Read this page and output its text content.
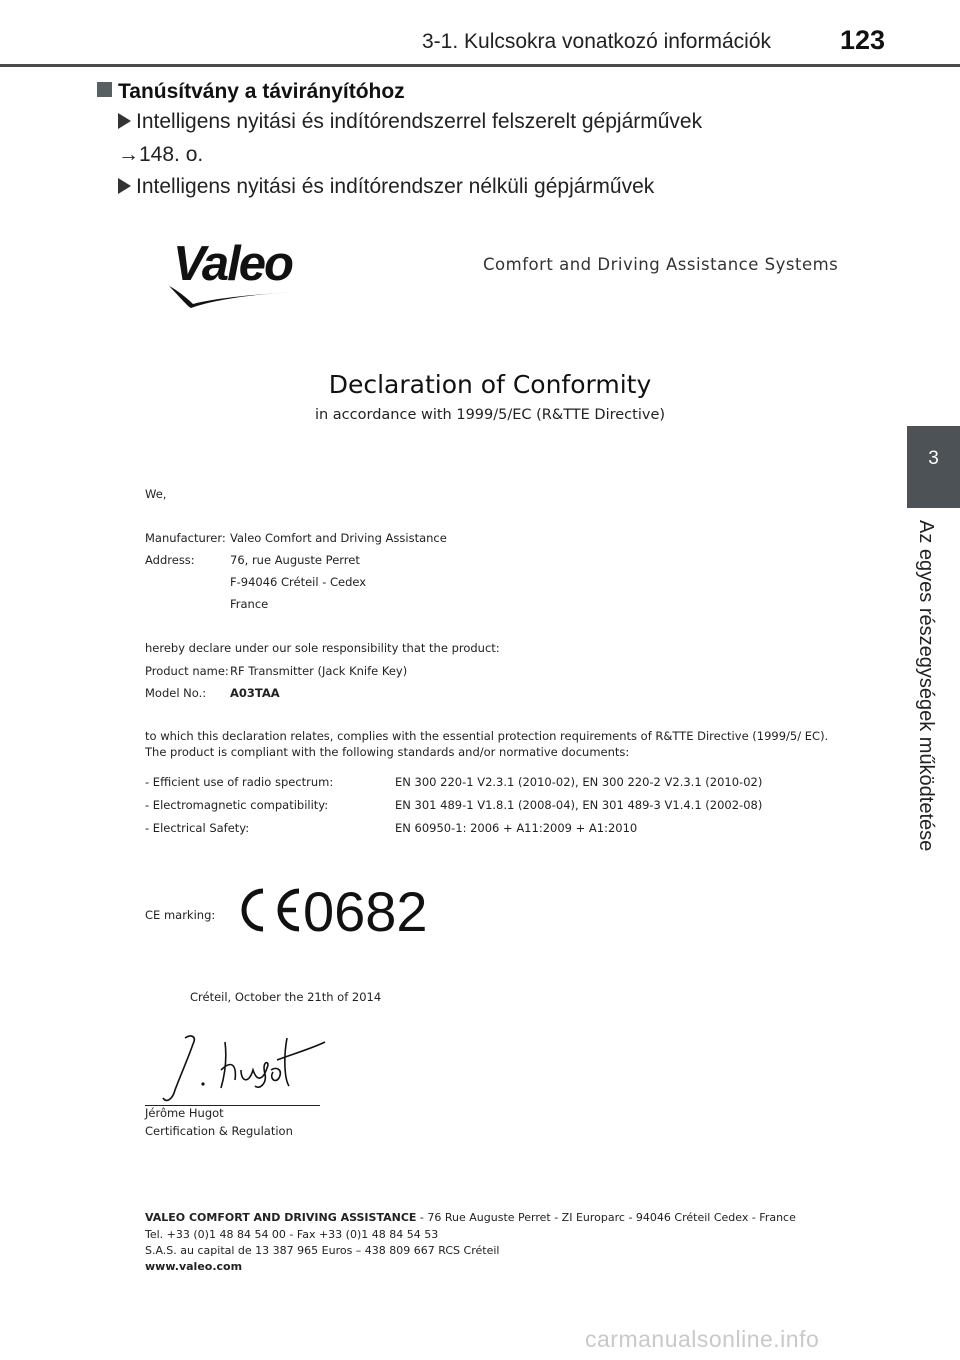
3-1. Kulcsokra vonatkozó információk	123
3
Az egyes részegységek működtetése
Tanúsítvány a távirányítóhoz
Intelligens nyitási és indítórendszerrel felszerelt gépjárművek
→148. o.
Intelligens nyitási és indítórendszer nélküli gépjárművek
Valeo	Comfort and Driving Assistance Systems
Declaration of Conformity
in accordance with 1999/5/EC (R&TTE Directive)
We,
Manufacturer: Valeo Comfort and Driving Assistance
Address:	76, rue Auguste Perret
F-94046 Créteil - Cedex
France
hereby declare under our sole responsibility that the product:
Product name: RF Transmitter (Jack Knife Key)
Model No.: A03TAA
to which this declaration relates, complies with the essential protection requirements of R&TTE Directive (1999/5/ EC).
The product is compliant with the following standards and/or normative documents:
- Efficient use of radio spectrum:	EN 300 220-1 V2.3.1 (2010-02), EN 300 220-2 V2.3.1 (2010-02)
- Electromagnetic compatibility:	EN 301 489-1 V1.8.1 (2008-04), EN 301 489-3 V1.4.1 (2002-08)
- Electrical Safety:	EN 60950-1: 2006 + A11:2009 + A1:2010
CE marking: 0682
Créteil, October the 21th of 2014
Jérôme Hugot
Certification & Regulation
VALEO COMFORT AND DRIVING ASSISTANCE - 76 Rue Auguste Perret - ZI Europarc - 94046 Créteil Cedex - France
Tel. +33 (0)1 48 84 54 00 - Fax +33 (0)1 48 84 54 53
S.A.S. au capital de 13 387 965 Euros – 438 809 667 RCS Créteil
www.valeo.com
carmanualsonline.info
